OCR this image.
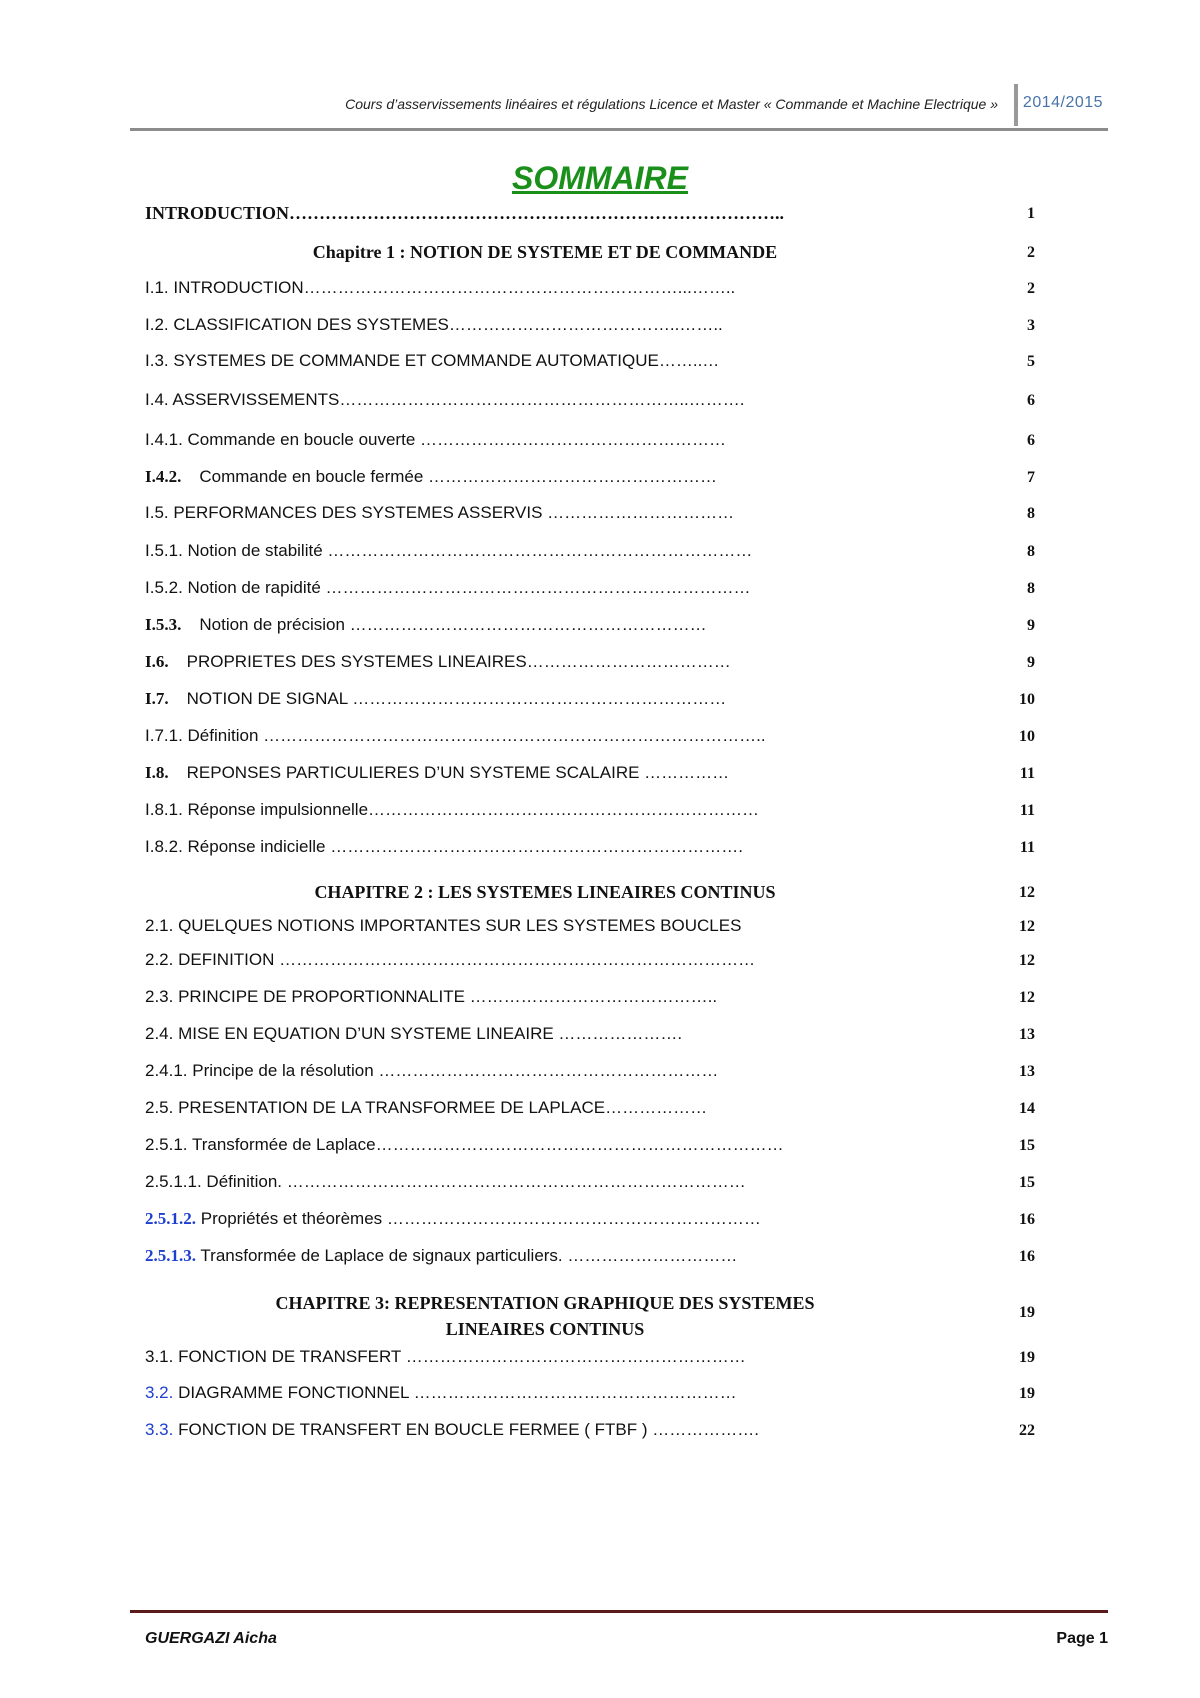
Cours d’asservissements linéaires et régulations Licence et Master « Commande et Machine Electrique »	2014/2015
SOMMAIRE
INTRODUCTION………………………………………………………………………..	1
Chapitre 1 : NOTION DE SYSTEME ET DE COMMANDE	2
I.1. INTRODUCTION…………………………………………………………...……..	2
I.2. CLASSIFICATION DES SYSTEMES…………………………………..……..	3
I.3. SYSTEMES DE COMMANDE ET COMMANDE AUTOMATIQUE……..…	5
I.4. ASSERVISSEMENTS……………………………………………………..……….	6
I.4.1. Commande en boucle ouverte ………………………………………………	6
I.4.2. Commande en boucle fermée ……………………………………………	7
I.5. PERFORMANCES DES SYSTEMES ASSERVIS ……………………………	8
I.5.1. Notion de stabilité …………………………………………………………………	8
I.5.2. Notion de rapidité …………………………………………………………………	8
I.5.3. Notion de précision ………………………………………………………	9
I.6. PROPRIETES DES SYSTEMES LINEAIRES………………………………	9
I.7. NOTION DE SIGNAL …………………………………………………………	10
I.7.1. Définition ……………………………………………………………………………..	10
I.8. REPONSES PARTICULIERES D’UN SYSTEME SCALAIRE ……………	11
I.8.1. Réponse impulsionnelle……………………………………………………………	11
I.8.2. Réponse indicielle ……………………………………………………………….	11
CHAPITRE 2 : LES SYSTEMES LINEAIRES CONTINUS	12
2.1. QUELQUES NOTIONS IMPORTANTES SUR LES SYSTEMES BOUCLES	12
2.2. DEFINITION …………………………………………………………………………	12
2.3. PRINCIPE DE PROPORTIONNALITE ……………………………………..	12
2.4. MISE EN EQUATION D’UN SYSTEME LINEAIRE ………………….	13
2.4.1. Principe de la résolution ……………………………………………………	13
2.5. PRESENTATION DE LA TRANSFORMEE DE LAPLACE………………	14
2.5.1. Transformée de Laplace………………………………………………………………	15
2.5.1.1. Définition. ………………………………………………………………………	15
2.5.1.2. Propriétés et théorèmes …………………………………………………………	16
2.5.1.3. Transformée de Laplace de signaux particuliers. …………………………	16
CHAPITRE 3: REPRESENTATION GRAPHIQUE DES SYSTEMES
LINEAIRES CONTINUS
19
3.1. FONCTION DE TRANSFERT ……………………………………………………	19
3.2. DIAGRAMME FONCTIONNEL …………………………………………………	19
3.3. FONCTION DE TRANSFERT EN BOUCLE FERMEE ( FTBF ) ……………….	22
GUERGAZI Aicha	Page 1
